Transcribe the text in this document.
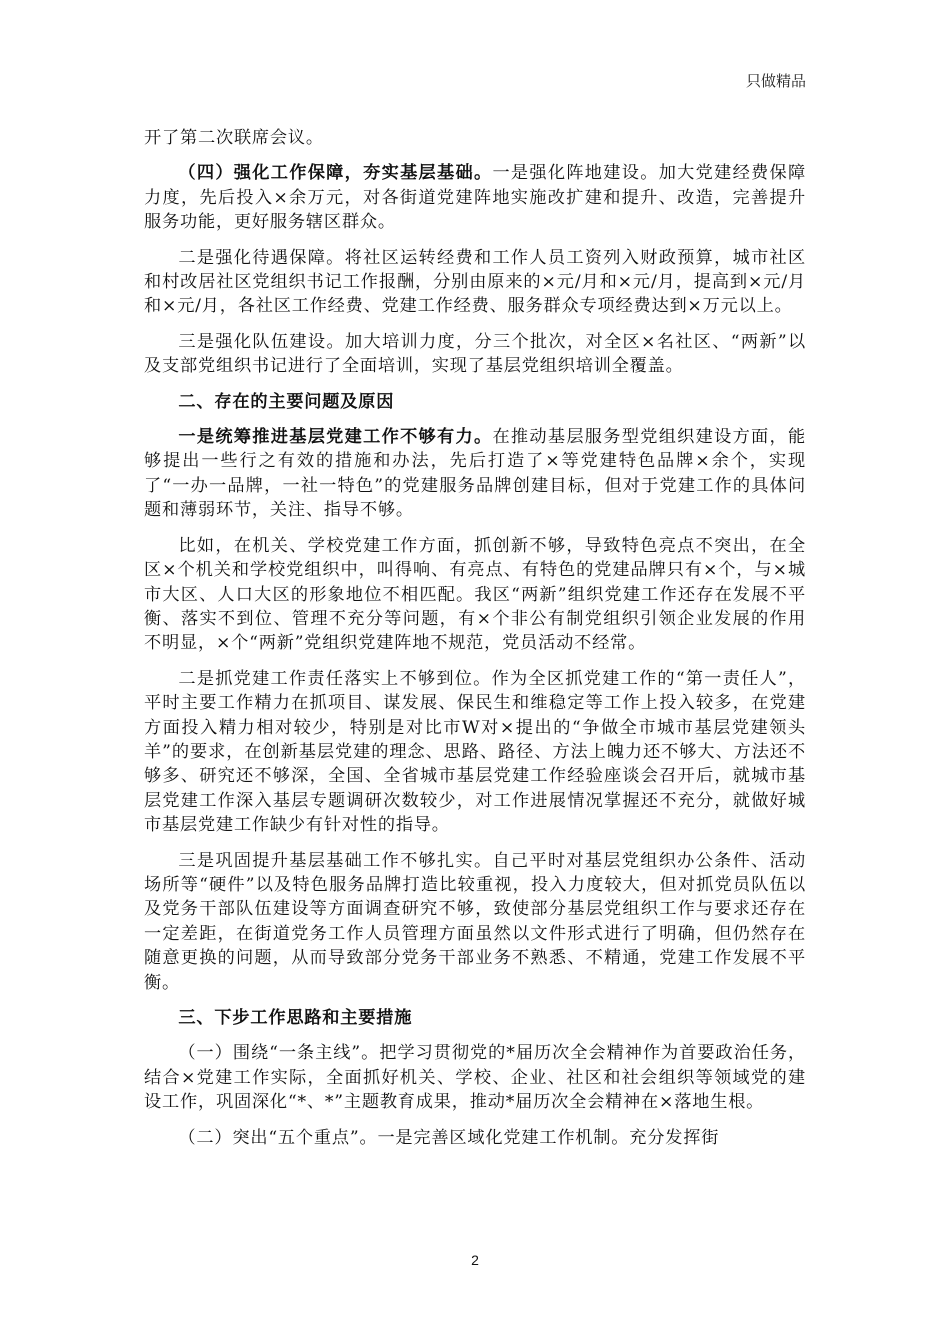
只做精品

开了第二次联席会议。

（四）强化工作保障，夯实基层基础。一是强化阵地建设。加大党建经费保障力度，先后投入×余万元，对各街道党建阵地实施改扩建和提升、改造，完善提升服务功能，更好服务辖区群众。

二是强化待遇保障。将社区运转经费和工作人员工资列入财政预算，城市社区和村改居社区党组织书记工作报酬，分别由原来的×元/月和×元/月，提高到×元/月和×元/月，各社区工作经费、党建工作经费、服务群众专项经费达到×万元以上。

三是强化队伍建设。加大培训力度，分三个批次，对全区×名社区、“两新”以及支部党组织书记进行了全面培训，实现了基层党组织培训全覆盖。

二、存在的主要问题及原因

一是统筹推进基层党建工作不够有力。在推动基层服务型党组织建设方面，能够提出一些行之有效的措施和办法，先后打造了×等党建特色品牌×余个，实现了“一办一品牌，一社一特色”的党建服务品牌创建目标，但对于党建工作的具体问题和薄弱环节，关注、指导不够。

比如，在机关、学校党建工作方面，抓创新不够，导致特色亮点不突出，在全区×个机关和学校党组织中，叫得响、有亮点、有特色的党建品牌只有×个，与×城市大区、人口大区的形象地位不相匹配。我区“两新”组织党建工作还存在发展不平衡、落实不到位、管理不充分等问题，有×个非公有制党组织引领企业发展的作用不明显，×个“两新”党组织党建阵地不规范，党员活动不经常。

二是抓党建工作责任落实上不够到位。作为全区抓党建工作的“第一责任人”，平时主要工作精力在抓项目、谋发展、保民生和维稳定等工作上投入较多，在党建方面投入精力相对较少，特别是对比市W对×提出的“争做全市城市基层党建领头羊”的要求，在创新基层党建的理念、思路、路径、方法上魄力还不够大、方法还不够多、研究还不够深，全国、全省城市基层党建工作经验座谈会召开后，就城市基层党建工作深入基层专题调研次数较少，对工作进展情况掌握还不充分，就做好城市基层党建工作缺少有针对性的指导。

三是巩固提升基层基础工作不够扎实。自己平时对基层党组织办公条件、活动场所等“硬件”以及特色服务品牌打造比较重视，投入力度较大，但对抓党员队伍以及党务干部队伍建设等方面调查研究不够，致使部分基层党组织工作与要求还存在一定差距，在街道党务工作人员管理方面虽然以文件形式进行了明确，但仍然存在随意更换的问题，从而导致部分党务干部业务不熟悉、不精通，党建工作发展不平衡。

三、下步工作思路和主要措施

（一）围绕“一条主线”。把学习贯彻党的*届历次全会精神作为首要政治任务，结合×党建工作实际，全面抓好机关、学校、企业、社区和社会组织等领域党的建设工作，巩固深化“*、*”主题教育成果，推动*届历次全会精神在×落地生根。

（二）突出“五个重点”。一是完善区域化党建工作机制。充分发挥街

2
